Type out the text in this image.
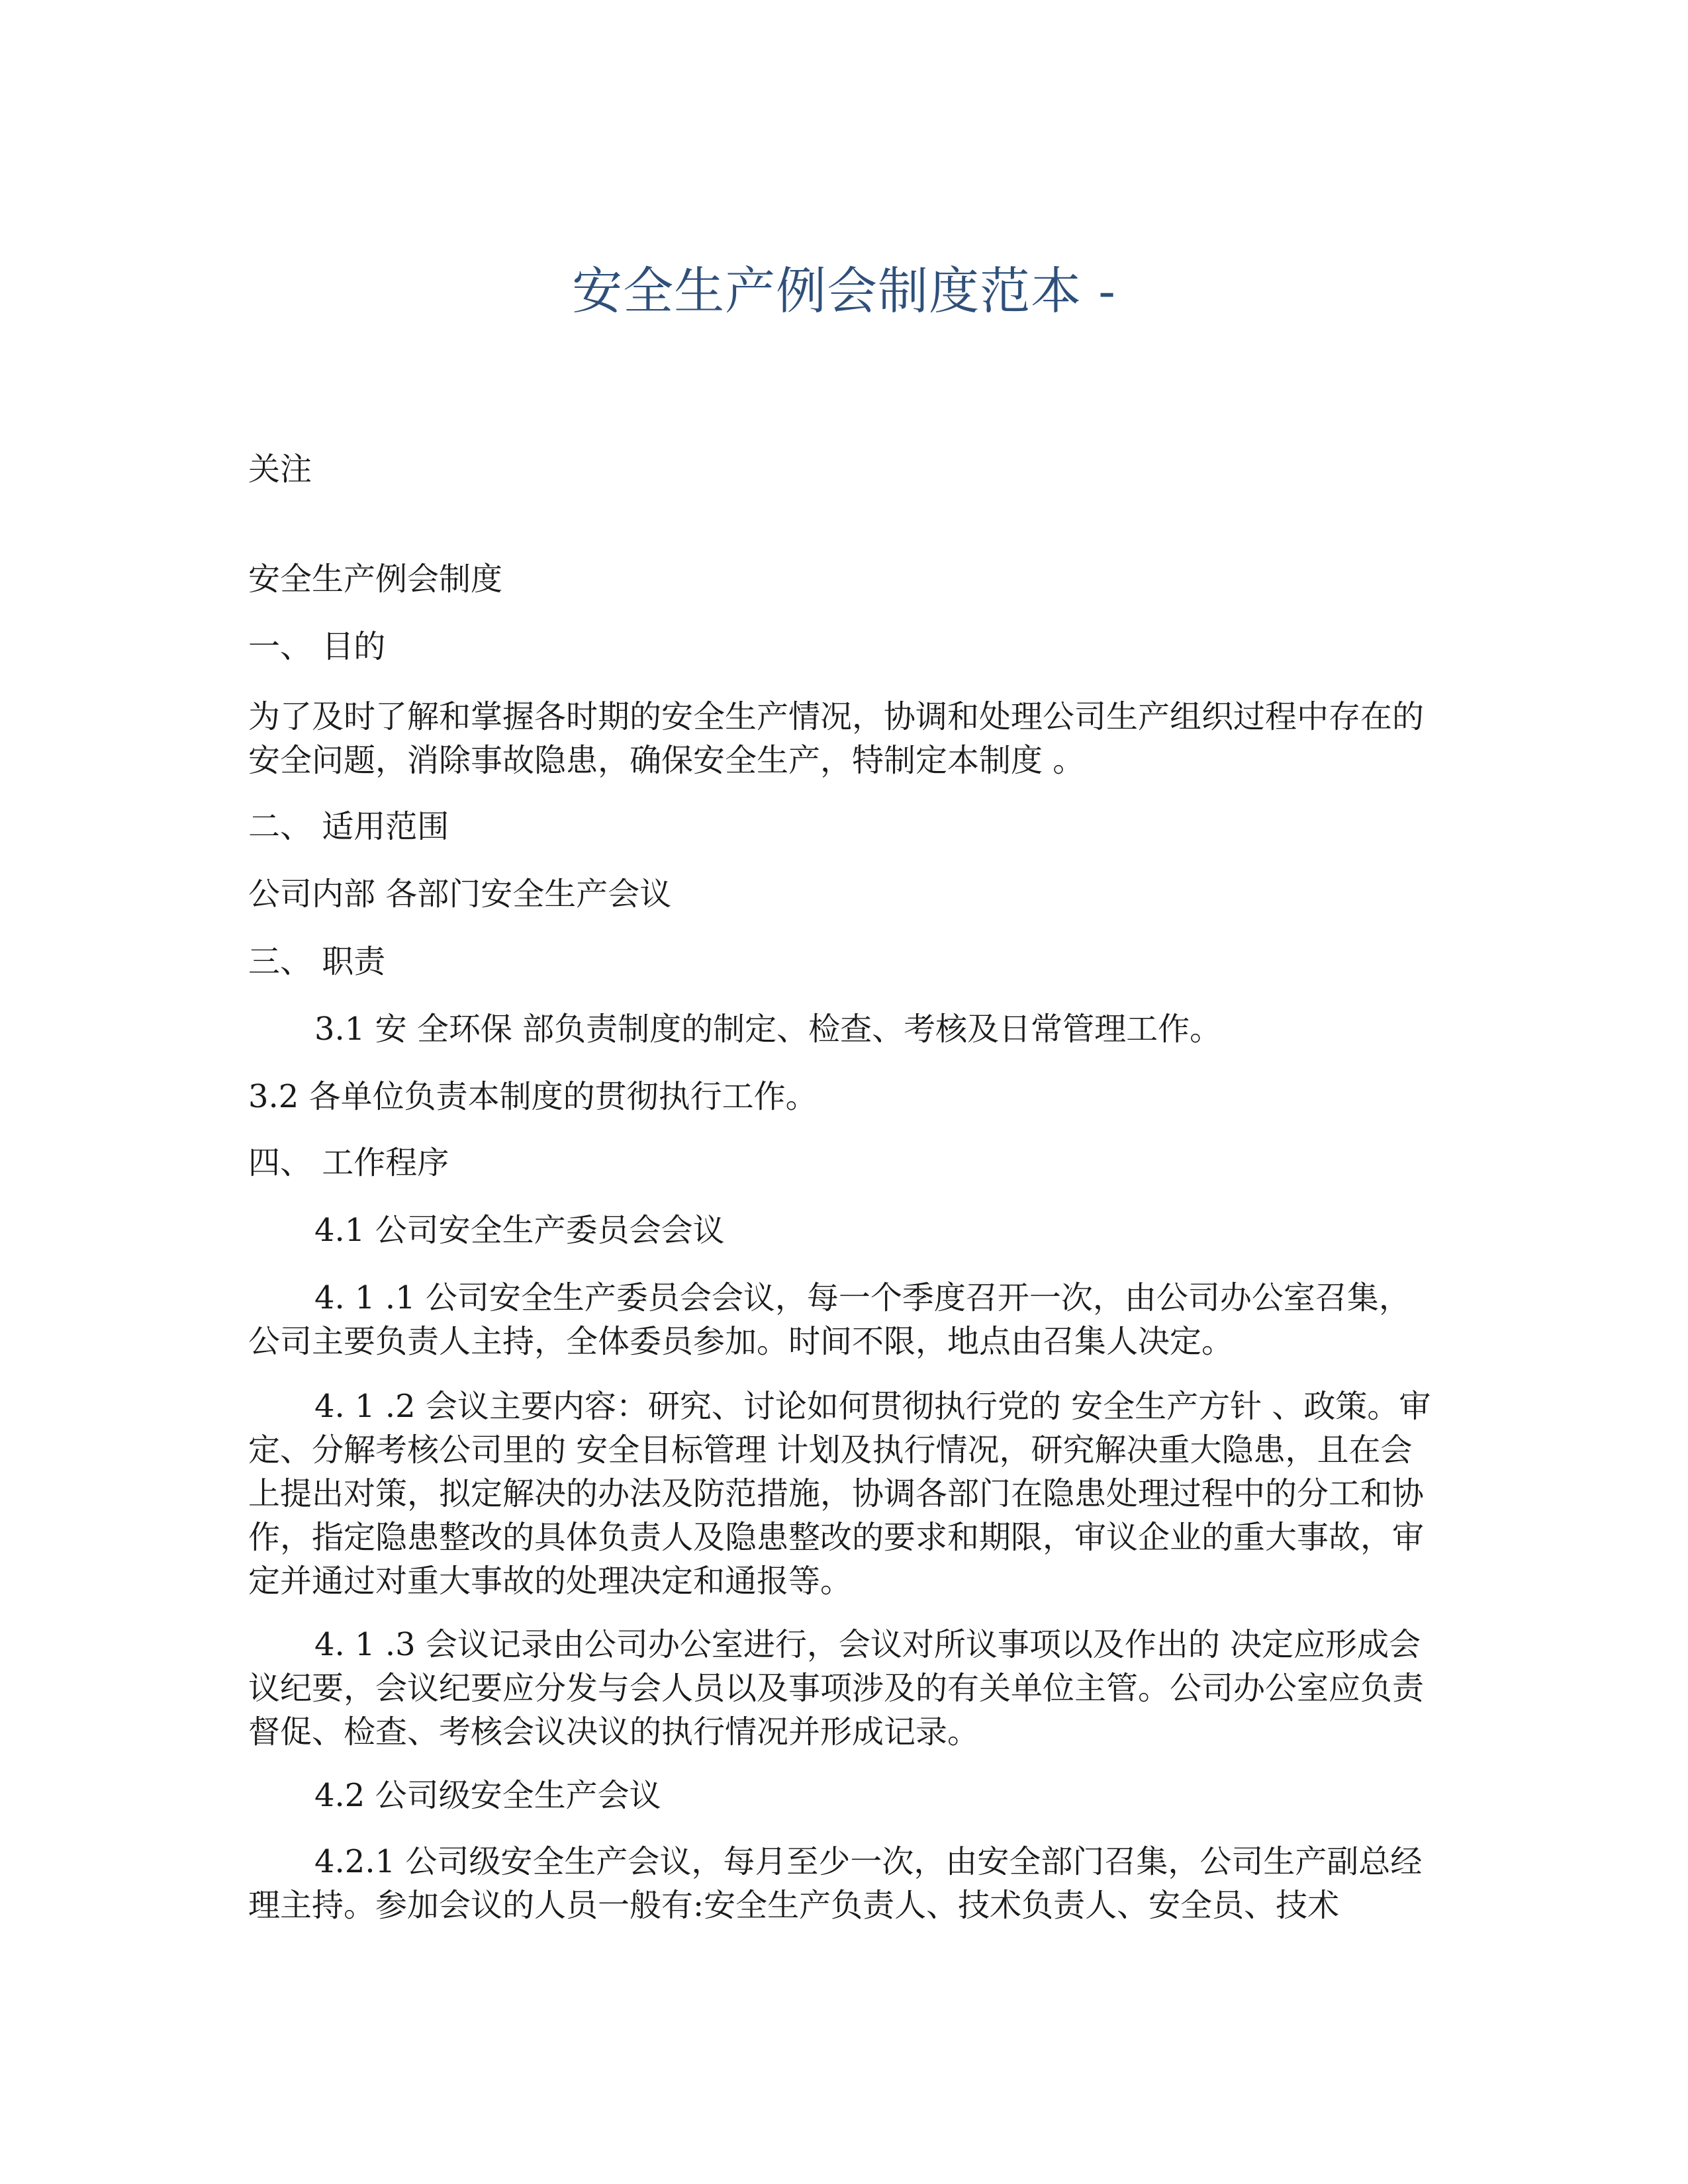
安全生产例会制度范本 -

关注

安全生产例会制度

一、 目的

为了及时了解和掌握各时期的安全生产情况，协调和处理公司生产组织过程中存在的安全问题，消除事故隐患，确保安全生产，特制定本制度 。

二、 适用范围

公司内部 各部门安全生产会议

三、 职责

3.1 安 全环保 部负责制度的制定、检查、考核及日常管理工作。

3.2 各单位负责本制度的贯彻执行工作。

四、 工作程序

4.1 公司安全生产委员会会议

4. 1 .1 公司安全生产委员会会议，每一个季度召开一次，由公司办公室召集，公司主要负责人主持，全体委员参加。时间不限，地点由召集人决定。

4. 1 .2 会议主要内容：研究、讨论如何贯彻执行党的 安全生产方针 、政策。审定、分解考核公司里的 安全目标管理 计划及执行情况，研究解决重大隐患，且在会上提出对策，拟定解决的办法及防范措施，协调各部门在隐患处理过程中的分工和协作，指定隐患整改的具体负责人及隐患整改的要求和期限，审议企业的重大事故，审定并通过对重大事故的处理决定和通报等。

4. 1 .3 会议记录由公司办公室进行，会议对所议事项以及作出的 决定应形成会议纪要，会议纪要应分发与会人员以及事项涉及的有关单位主管。公司办公室应负责督促、检查、考核会议决议的执行情况并形成记录。

4.2 公司级安全生产会议

4.2.1 公司级安全生产会议，每月至少一次，由安全部门召集，公司生产副总经理主持。参加会议的人员一般有:安全生产负责人、技术负责人、安全员、技术
